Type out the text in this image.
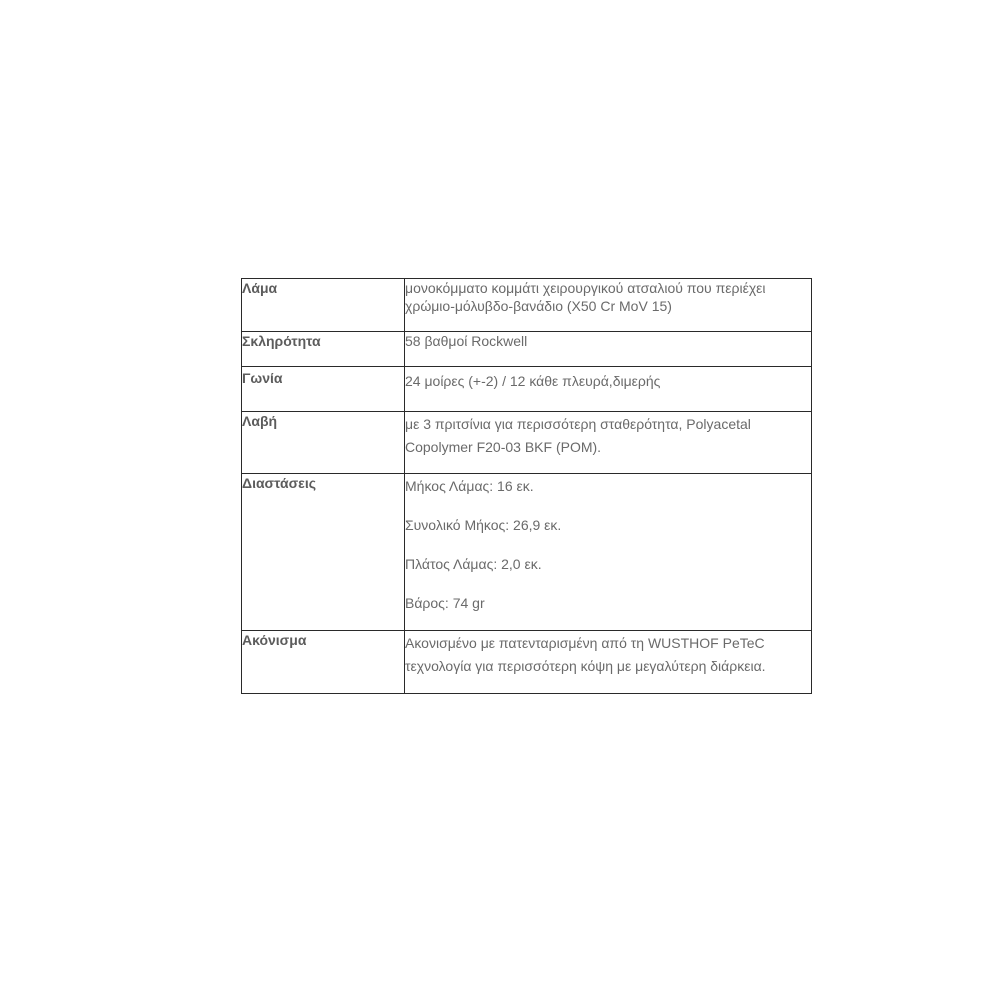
Λάμα	μονοκόμματο κομμάτι χειρουργικού ατσαλιού που περιέχει χρώμιο-μόλυβδο-βανάδιο (X50 Cr MoV 15)

Σκληρότητα	58 βαθμοί Rockwell

Γωνία	24 μοίρες (+-2) / 12 κάθε πλευρά,διμερής

Λαβή	με 3 πριτσίνια για περισσότερη σταθερότητα, Polyacetal Copolymer F20-03 BKF (POM).

Διαστάσεις	Μήκος Λάμας: 16 εκ.

Συνολικό Μήκος: 26,9 εκ.

Πλάτος Λάμας: 2,0 εκ.

Βάρος: 74 gr

Ακόνισμα	Ακονισμένο με πατενταρισμένη από τη WUSTHOF PeTeC τεχνολογία για περισσότερη κόψη με μεγαλύτερη διάρκεια.
